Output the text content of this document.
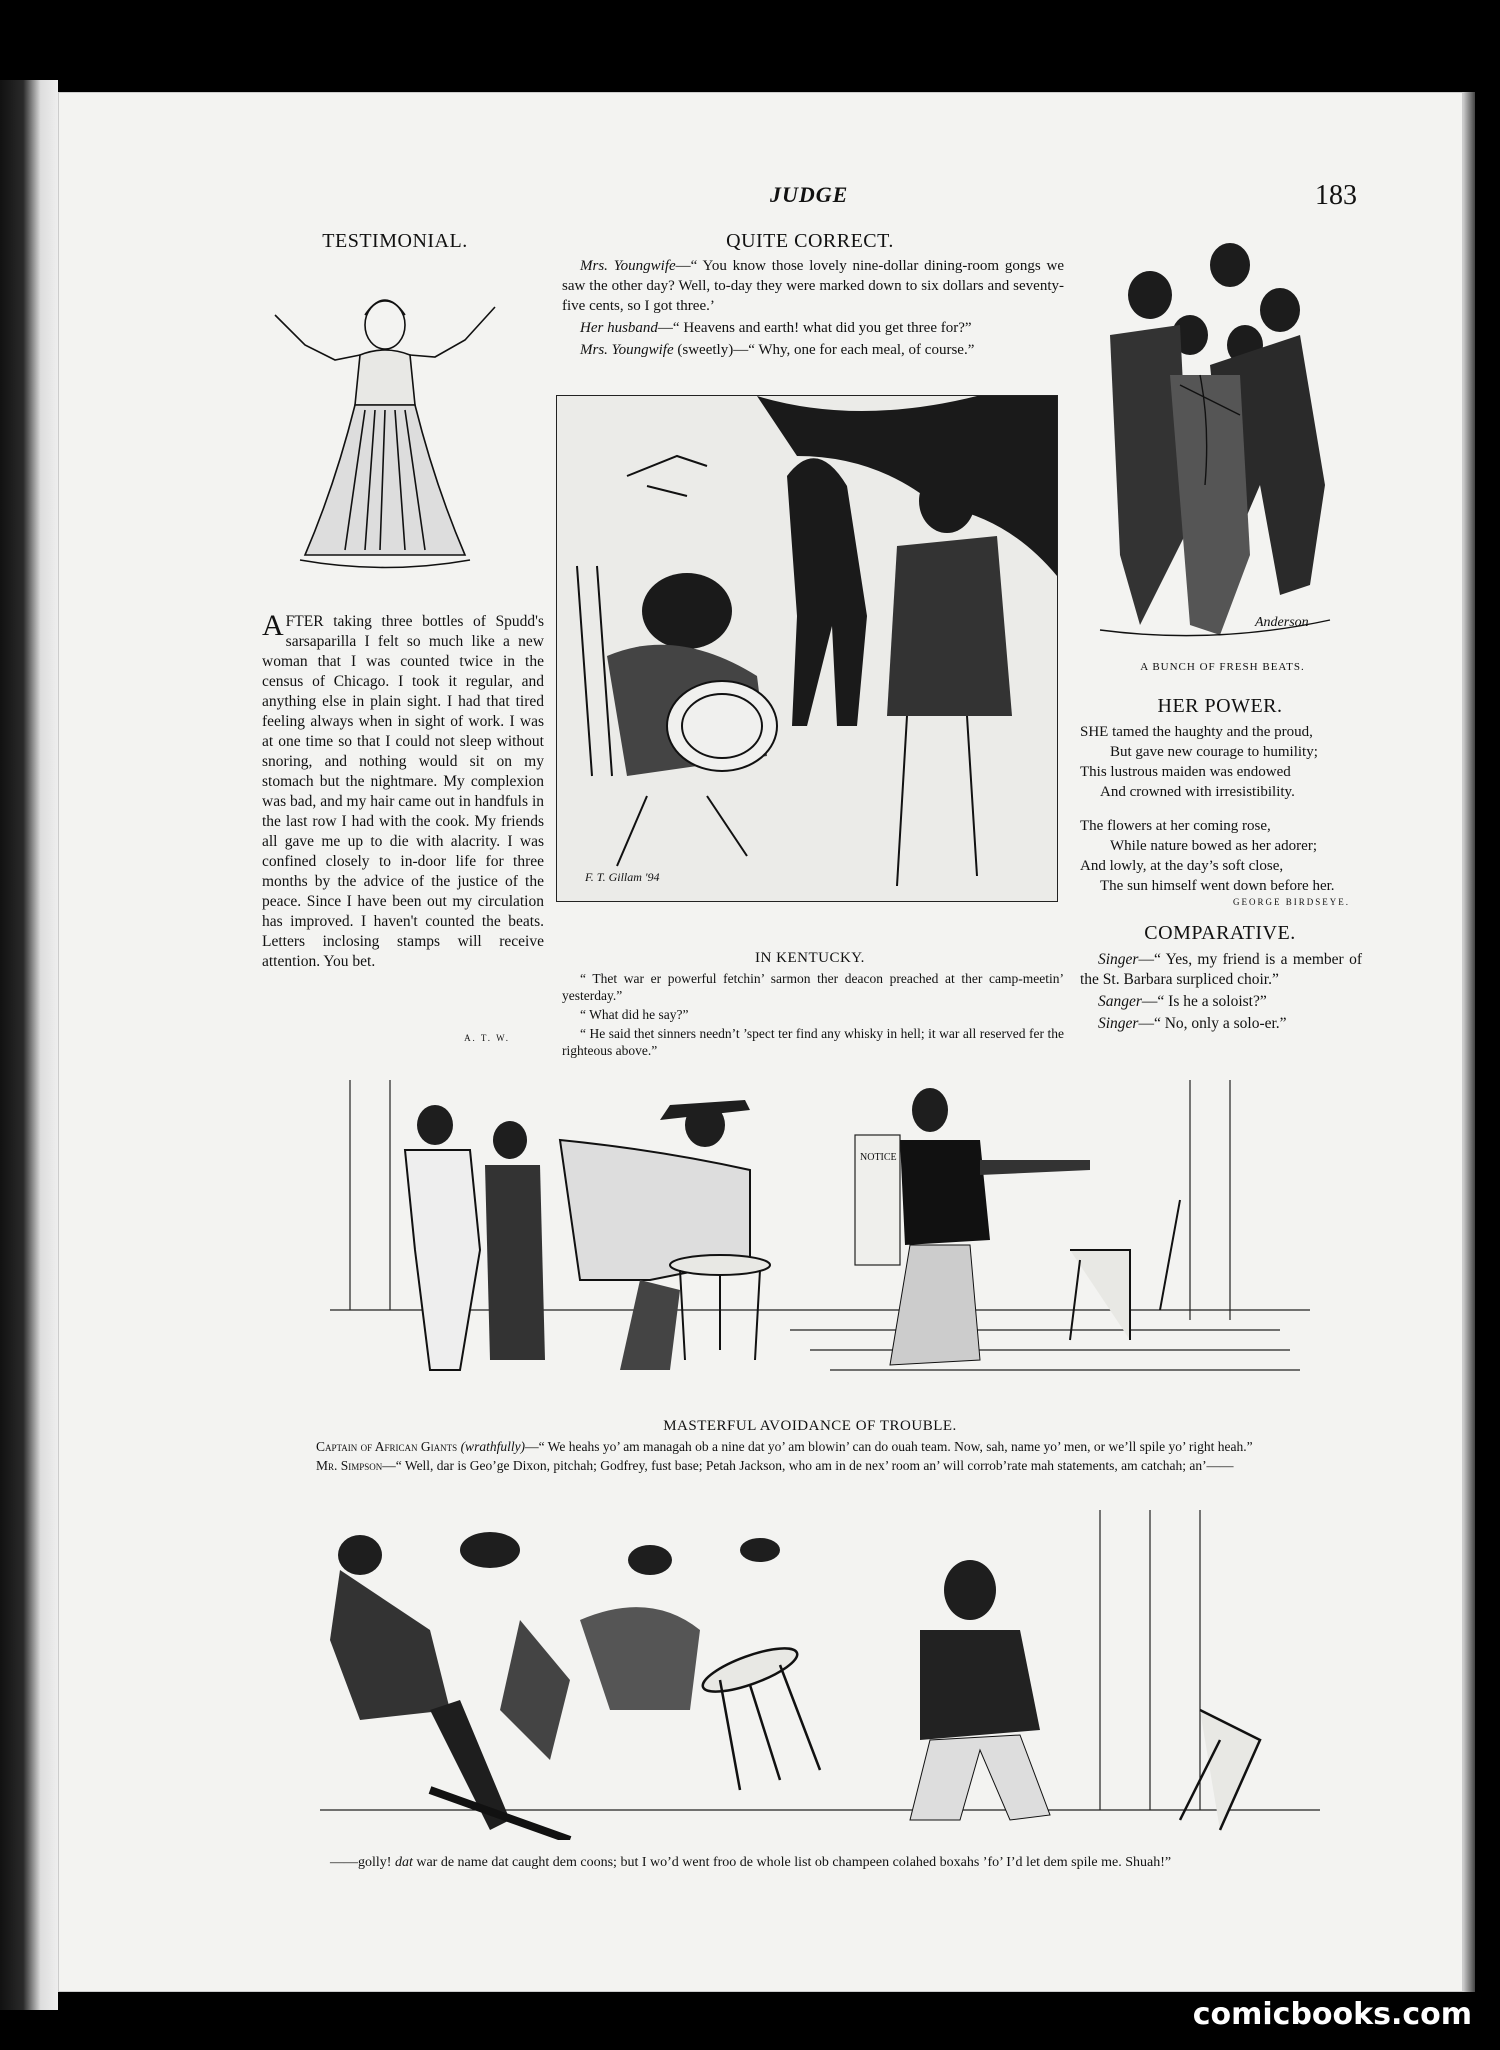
JUDGE	183
TESTIMONIAL.

AFTER taking three bottles of Spudd's sarsaparilla I felt so much like a new woman that I was counted twice in the census of Chicago. I took it regular, and anything else in plain sight. I had that tired feeling always when in sight of work. I was at one time so that I could not sleep without snoring, and nothing would sit on my stomach but the nightmare. My complexion was bad, and my hair came out in handfuls in the last row I had with the cook. My friends all gave me up to die with alacrity. I was confined closely to in-door life for three months by the advice of the justice of the peace. Since I have been out my circulation has improved. I haven't counted the beats. Letters inclosing stamps will receive attention. You bet.

A. T. W.
QUITE CORRECT.

Mrs. Youngwife—“ You know those lovely nine-dollar dining-room gongs we saw the other day? Well, to-day they were marked down to six dollars and seventy-five cents, so I got three.’

Her husband—“ Heavens and earth! what did you get three for?”

Mrs. Youngwife (sweetly)—“ Why, one for each meal, of course.”

F. T. Gillam '94
IN KENTUCKY.

“ Thet war er powerful fetchin’ sarmon ther deacon preached at ther camp-meetin’ yesterday.”

“ What did he say?”

“ He said thet sinners needn’t ’spect ter find any whisky in hell; it war all reserved fer the righteous above.”

Anderson
A BUNCH OF FRESH BEATS.
HER POWER.
SHE tamed the haughty and the proud,
But gave new courage to humility;
This lustrous maiden was endowed
And crowned with irresistibility.
The flowers at her coming rose,
While nature bowed as her adorer;
And lowly, at the day’s soft close,
The sun himself went down before her.
GEORGE BIRDSEYE.
COMPARATIVE.

Singer—“ Yes, my friend is a member of the St. Barbara surpliced choir.”

Sanger—“ Is he a soloist?”

Singer—“ No, only a solo-er.”

NOTICE
MASTERFUL AVOIDANCE OF TROUBLE.

Captain of African Giants (wrathfully)—“ We heahs yo’ am managah ob a nine dat yo’ am blowin’ can do ouah team. Now, sah, name yo’ men, or we’ll spile yo’ right heah.”

Mr. Simpson—“ Well, dar is Geo’ge Dixon, pitchah; Godfrey, fust base; Petah Jackson, who am in de nex’ room an’ will corrob’rate mah statements, am catchah; an’——

——golly! dat war de name dat caught dem coons; but I wo’d went froo de whole list ob champeen colahed boxahs ’fo’ I’d let dem spile me. Shuah!”
comicbooks.com
